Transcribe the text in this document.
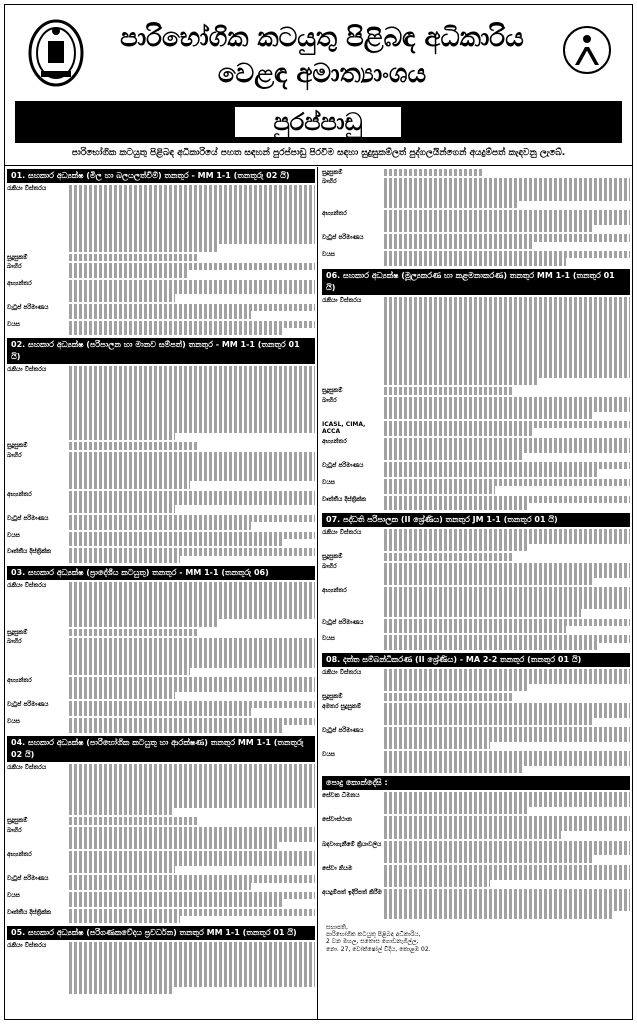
පාරිභෝගික කටයුතු පිළිබඳ අධිකාරිය
වෙළඳ අමාත්‍යාංශය
පුරප්පාඩු
පාරිභෝගික කටයුතු පිළිබඳ අධිකාරියේ පහත සඳහන් පුරප්පාඩු පිරවීම සඳහා සුදුසුකම්ලත් පුද්ගලයින්ගෙන් අයදුම්පත් කැඳවනු ලැබේ.
01. සහකාර අධ්‍යක්ෂ (මිල හා බලයලත්වීම්) තනතුර - MM 1-1 (තනතුරු 02 යි)
රැකියා විස්තරය
සුදුසුකම්
බාහිර
අභ්‍යන්තර
වැටුප් පරිමාණය
වයස
02. සහකාර අධ්‍යක්ෂ (පරිපාලන හා මානව සම්පත්) තනතුර - MM 1-1 (තනතුර 01 යි)
රැකියා විස්තරය
සුදුසුකම්
බාහිර
අභ්‍යන්තර
වැටුප් පරිමාණය
වයස
වෘත්තීය දිස්ත්‍රික්ක
03. සහකාර අධ්‍යක්ෂ (ප්‍රාදේශීය කටයුතු) තනතුර - MM 1-1 (තනතුරු 06)
රැකියා විස්තරය
සුදුසුකම්
බාහිර
අභ්‍යන්තර
වැටුප් පරිමාණය
වයස
04. සහකාර අධ්‍යක්ෂ (පාරිභෝගික කටයුතු හා ආරක්ෂණ) තනතුර MM 1-1 (තනතුරු 02 යි)
රැකියා විස්තරය
සුදුසුකම්
බාහිර
අභ්‍යන්තර
වැටුප් පරිමාණය
වයස
වෘත්තීය දිස්ත්‍රික්ක
05. සහකාර අධ්‍යක්ෂ (පරිගණකවේදය ප්‍රවර්ධන) තනතුර MM 1-1 (තනතුර 01 යි)
රැකියා විස්තරය
සුදුසුකම්
බාහිර
අභ්‍යන්තර
වැටුප් පරිමාණය
වයස
06. සහකාර අධ්‍යක්ෂ (මූල්‍යකරණ හා කළමනාකරණ) තනතුර MM 1-1 (තනතුර 01 යි)
රැකියා විස්තරය
සුදුසුකම්
බාහිර
ICASL, CIMA, ACCA
අභ්‍යන්තර
වැටුප් පරිමාණය
වයස
වෘත්තීය දිස්ත්‍රික්ක
07. පද්ධති පරිපාලක (II ශ්‍රේණිය) තනතුර JM 1-1 (තනතුර 01 යි)
රැකියා විස්තරය
සුදුසුකම්
බාහිර
අභ්‍යන්තර
වැටුප් පරිමාණය
වයස
08. දත්ත සම්බන්ධීකරණ (II ශ්‍රේණිය) - MA 2-2 තනතුර (තනතුර 01 යි)
රැකියා විස්තරය
සුදුසුකම්
අමතර සුදුසුකම්
වැටුප් පරිමාණය
වයස
පොදු කොන්දේසි :
සේවක ධිමනය
සේවාස්ථාන
බඳවාගැනීමේ ක්‍රියාවලිය
සේවා නියම
අයදුම්පත් ඉදිරිපත් කිරීම
සභාපති,
පාරිභෝගික කටයුතු පිළිබඳ අධිකාරිය,
2 වන මහල, සතොස ගොඩනැගිල්ල,
නො. 27, වෝක්ෂෝල් වීදිය, කොළඹ 02.
